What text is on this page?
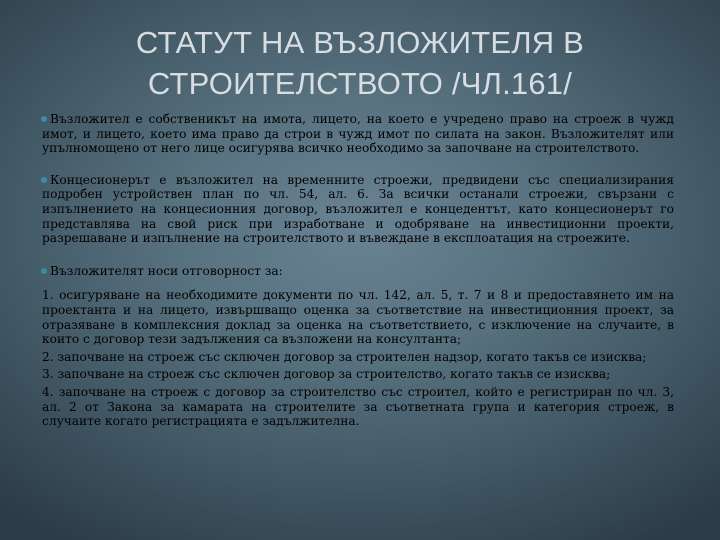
СТАТУТ НА ВЪЗЛОЖИТЕЛЯ В
СТРОИТЕЛСТВОТО /ЧЛ.161/

Възложител е собственикът на имота, лицето, на което е учредено право на строеж в чужд имот, и лицето, което има право да строи в чужд имот по силата на закон. Възложителят или упълномощено от него лице осигурява всичко необходимо за започване на строителството.

Концесионерът е възложител на временните строежи, предвидени със специализирания подробен устройствен план по чл. 54, ал. 6. За всички останали строежи, свързани с изпълнението на концесионния договор, възложител е концедентът, като концесионерът го представлява на свой риск при изработване и одобряване на инвестиционни проекти, разрешаване и изпълнение на строителството и въвеждане в експлоатация на строежите.

Възложителят носи отговорност за:

1. осигуряване на необходимите документи по чл. 142, ал. 5, т. 7 и 8 и предоставянето им на проектанта и на лицето, извършващо оценка за съответствие на инвестиционния проект, за отразяване в комплексния доклад за оценка на съответствието, с изключение на случаите, в които с договор тези задължения са възложени на консултанта;

2. започване на строеж със сключен договор за строителен надзор, когато такъв се изисква;

3. започване на строеж със сключен договор за строителство, когато такъв се изисква;

4. започване на строеж с договор за строителство със строител, който е регистриран по чл. 3, ал. 2 от Закона за камарата на строителите за съответната група и категория строеж, в случаите когато регистрацията е задължителна.
